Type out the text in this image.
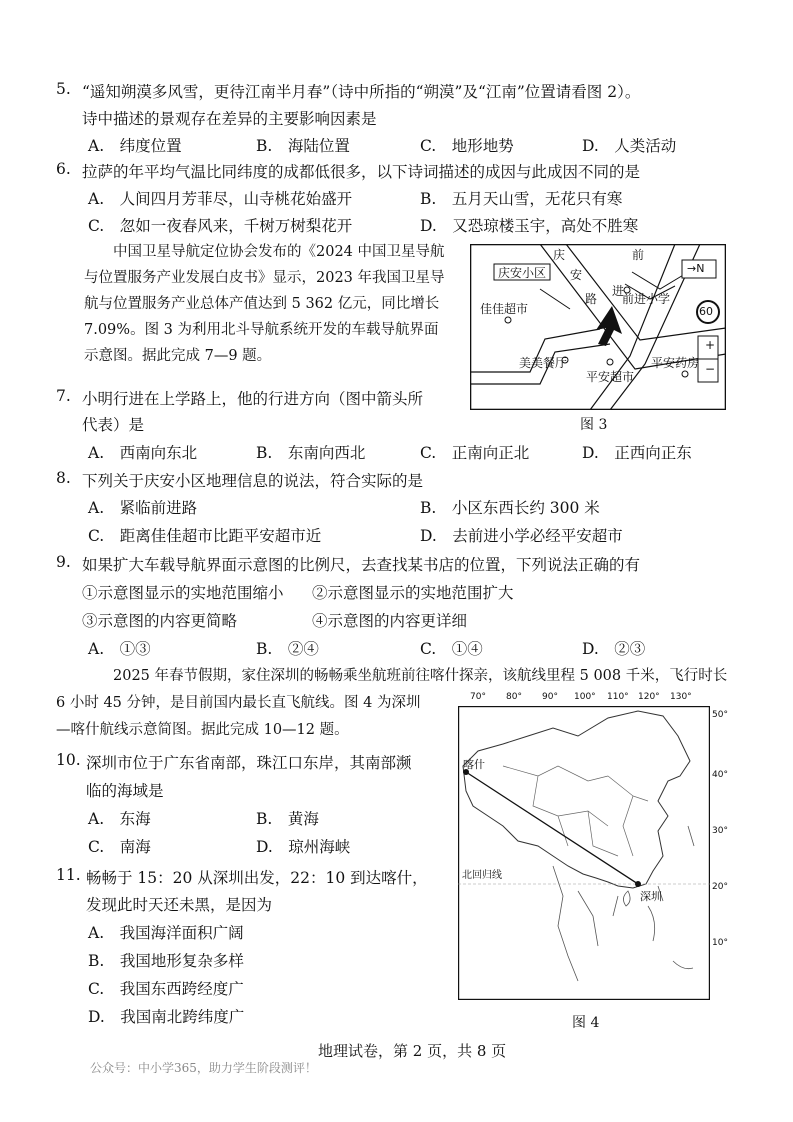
5. “遥知朔漠多风雪，更待江南半月春”（诗中所指的“朔漠”及“江南”位置请看图 2）。
诗中描述的景观存在差异的主要影响因素是
A.　纬度位置	B.　海陆位置	C.　地形地势	D.　人类活动
6. 拉萨的年平均气温比同纬度的成都低很多，以下诗词描述的成因与此成因不同的是
A.　人间四月芳菲尽，山寺桃花始盛开	B.　五月天山雪，无花只有寒
C.　忽如一夜春风来，千树万树梨花开	D.　又恐琼楼玉宇，高处不胜寒
　　中国卫星导航定位协会发布的《2024 中国卫星导航
与位置服务产业发展白皮书》显示，2023 年我国卫星导
航与位置服务产业总体产值达到 5 362 亿元，同比增长
7.09%。图 3 为利用北斗导航系统开发的车载导航界面
示意图。据此完成 7—9 题。
庆安小区
庆
安
路
前
进
→N
60
前进小学
佳佳超市
美美餐厅
平安超市
平安药房
+
−
图 3
7. 小明行进在上学路上，他的行进方向（图中箭头所
代表）是
A.　西南向东北	B.　东南向西北	C.　正南向正北	D.　正西向正东
8. 下列关于庆安小区地理信息的说法，符合实际的是
A.　紧临前进路	B.　小区东西长约 300 米
C.　距离佳佳超市比距平安超市近	D.　去前进小学必经平安超市
9. 如果扩大车载导航界面示意图的比例尺，去查找某书店的位置，下列说法正确的有
①示意图显示的实地范围缩小 ②示意图显示的实地范围扩大
③示意图的内容更简略	④示意图的内容更详细
A.　①③	B.　②④	C.　①④	D.　②③
　　2025 年春节假期，家住深圳的畅畅乘坐航班前往喀什探亲，该航线里程 5 008 千米，飞行时长
6 小时 45 分钟，是目前国内最长直飞航线。图 4 为深圳
—喀什航线示意简图。据此完成 10—12 题。
70° 80° 90° 100° 110° 120° 130°
50°
40°
30°
20°
10°
喀什
深圳
北回归线
图 4
10. 深圳市位于广东省南部，珠江口东岸，其南部濒
临的海域是
A.　东海	B.　黄海
C.　南海	D.　琼州海峡
11. 畅畅于 15：20 从深圳出发，22：10 到达喀什，
发现此时天还未黑，是因为
A.　我国海洋面积广阔
B.　我国地形复杂多样
C.　我国东西跨经度广
D.　我国南北跨纬度广
地理试卷，第 2 页，共 8 页
公众号：中小学365，助力学生阶段测评！
